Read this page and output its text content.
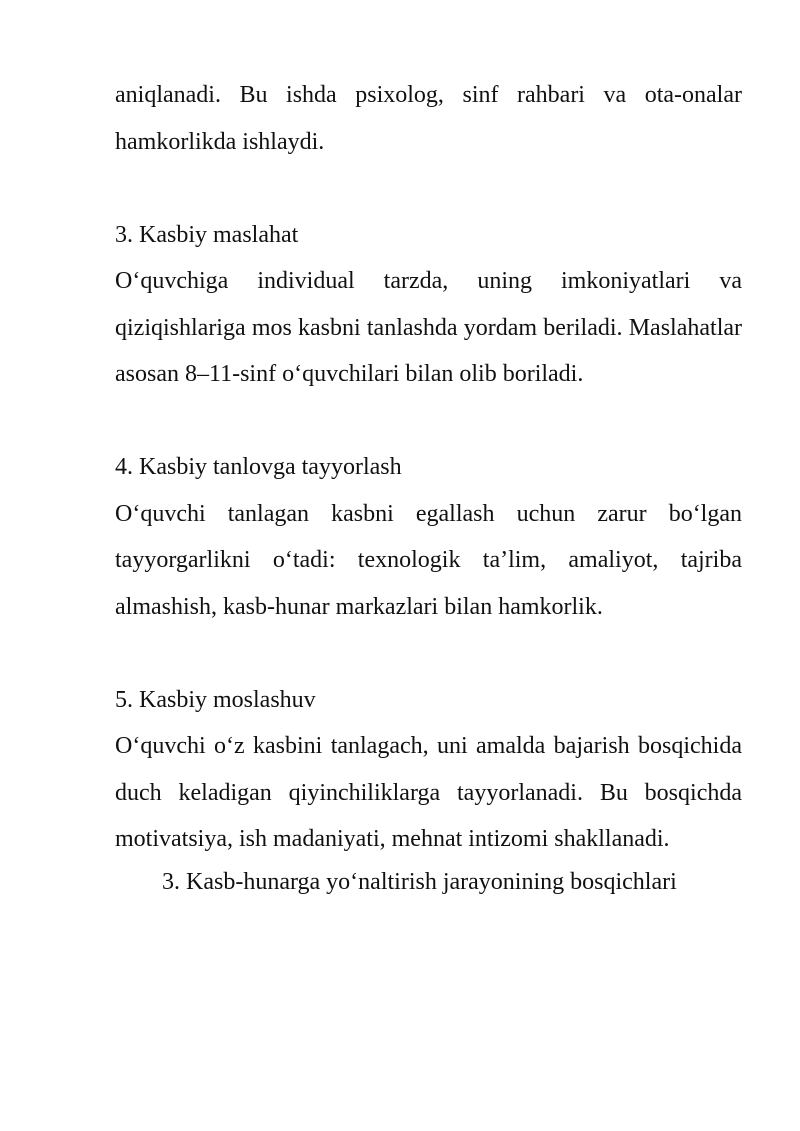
aniqlanadi. Bu ishda psixolog, sinf rahbari va ota-onalar hamkorlikda ishlaydi.

3. Kasbiy maslahat

O‘quvchiga individual tarzda, uning imkoniyatlari va qiziqishlariga mos kasbni tanlashda yordam beriladi. Maslahatlar asosan 8–11-sinf o‘quvchilari bilan olib boriladi.

4. Kasbiy tanlovga tayyorlash

O‘quvchi tanlagan kasbni egallash uchun zarur bo‘lgan tayyorgarlikni o‘tadi: texnologik ta’lim, amaliyot, tajriba almashish, kasb-hunar markazlari bilan hamkorlik.

5. Kasbiy moslashuv

O‘quvchi o‘z kasbini tanlagach, uni amalda bajarish bosqichida duch keladigan qiyinchiliklarga tayyorlanadi. Bu bosqichda motivatsiya, ish madaniyati, mehnat intizomi shakllanadi.

3. Kasb-hunarga yo‘naltirish jarayonining bosqichlari
